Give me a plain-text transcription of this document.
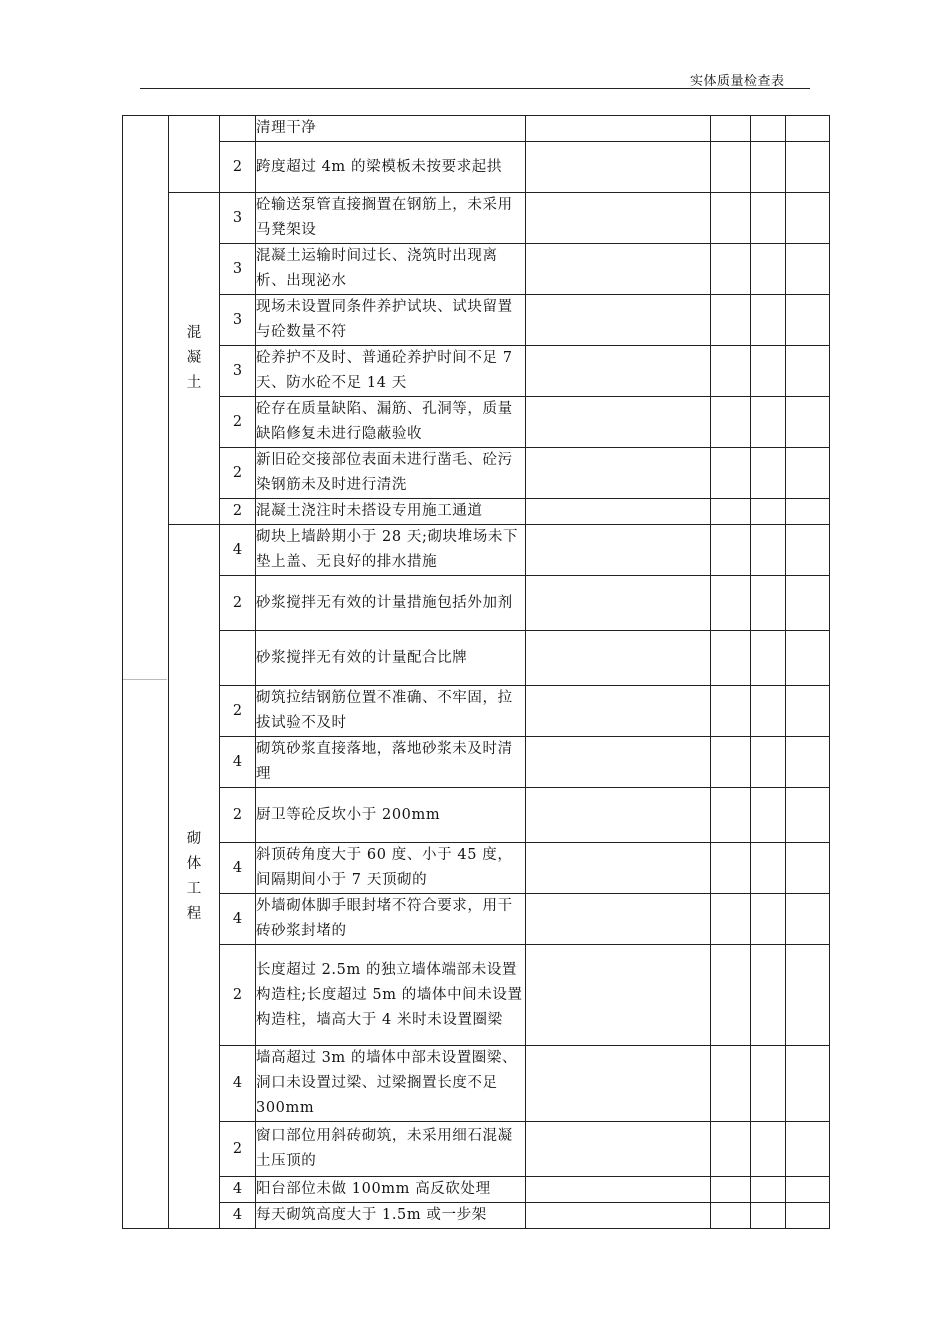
实体质量检查表
			清理干净				
		2	跨度超过 4m 的梁模板未按要求起拱				
	混凝土	3	砼输送泵管直接搁置在钢筋上，未采用马凳架设				
		3	混凝土运输时间过长、浇筑时出现离析、出现泌水				
		3	现场未设置同条件养护试块、试块留置与砼数量不符				
		3	砼养护不及时、普通砼养护时间不足 7 天、防水砼不足 14 天				
		2	砼存在质量缺陷、漏筋、孔洞等，质量缺陷修复未进行隐蔽验收				
		2	新旧砼交接部位表面未进行凿毛、砼污染钢筋未及时进行清洗				
		2	混凝土浇注时未搭设专用施工通道				
	砌体工程	4	砌块上墙龄期小于 28 天;砌块堆场未下垫上盖、无良好的排水措施				
		2	砂浆搅拌无有效的计量措施包括外加剂				
			砂浆搅拌无有效的计量配合比牌				
		2	砌筑拉结钢筋位置不准确、不牢固，拉拔试验不及时				
		4	砌筑砂浆直接落地，落地砂浆未及时清理				
		2	厨卫等砼反坎小于 200mm				
		4	斜顶砖角度大于 60 度、小于 45 度，间隔期间小于 7 天顶砌的				
		4	外墙砌体脚手眼封堵不符合要求，用干砖砂浆封堵的				
		2	长度超过 2.5m 的独立墙体端部未设置构造柱;长度超过 5m 的墙体中间未设置构造柱，墙高大于 4 米时未设置圈梁				
		4	墙高超过 3m 的墙体中部未设置圈梁、洞口未设置过梁、过梁搁置长度不足 300mm				
		2	窗口部位用斜砖砌筑，未采用细石混凝土压顶的				
		4	阳台部位未做 100mm 高反砍处理				
		4	每天砌筑高度大于 1.5m 或一步架				
